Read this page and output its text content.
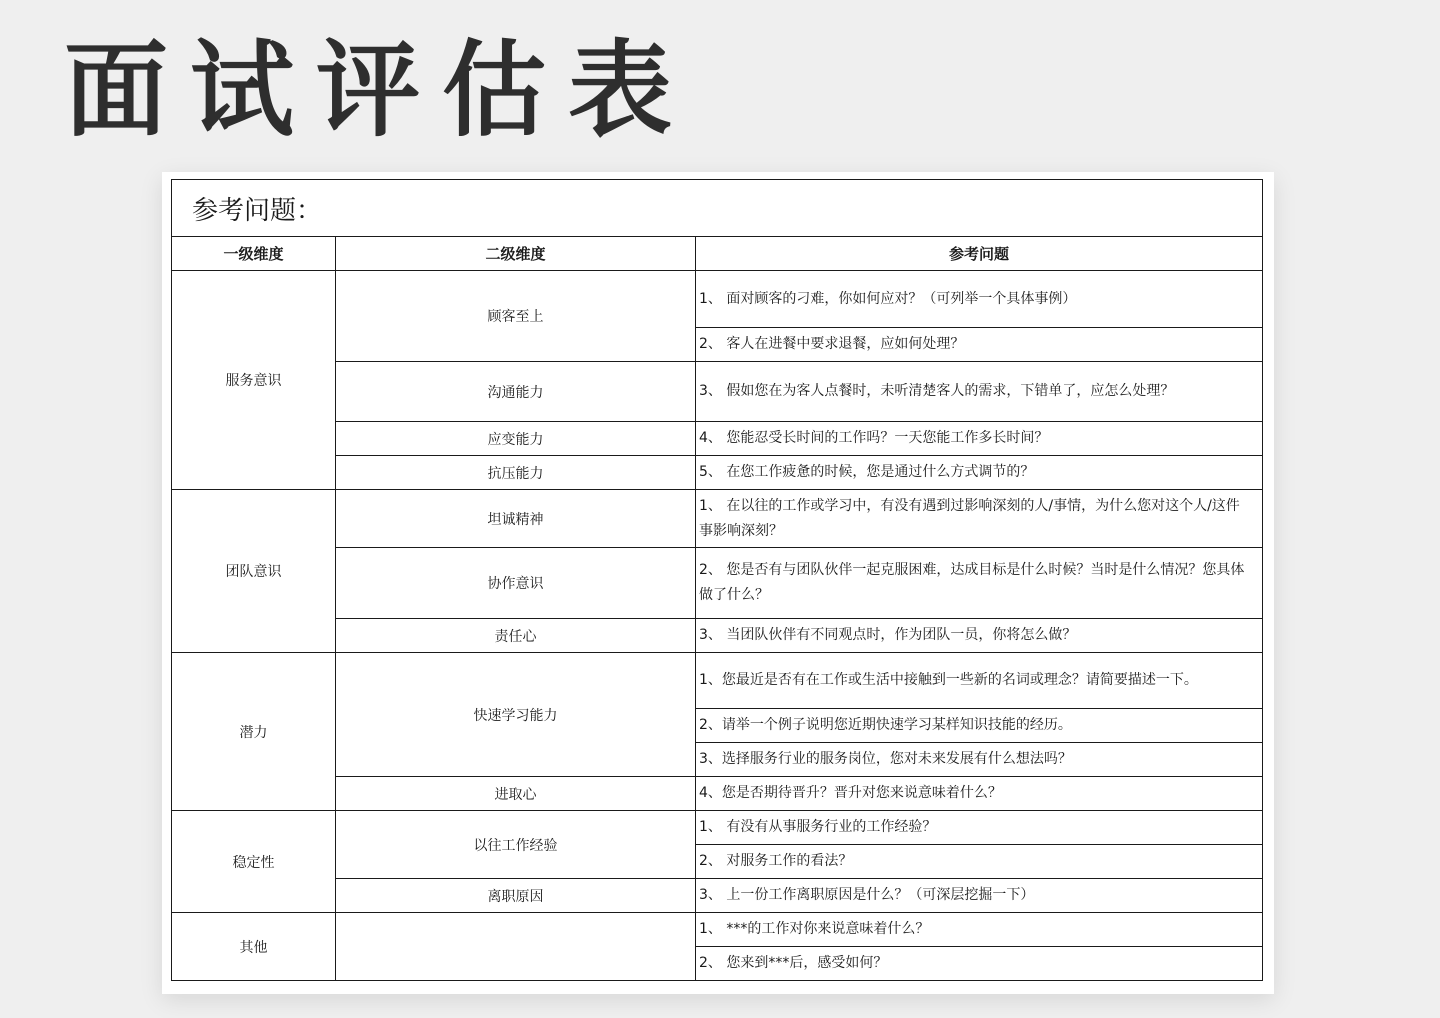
面试评估表
参考问题：		
一级维度	二级维度	参考问题
服务意识	顾客至上	1、 面对顾客的刁难，你如何应对？（可列举一个具体事例）
		2、 客人在进餐中要求退餐，应如何处理？
	沟通能力	3、 假如您在为客人点餐时，未听清楚客人的需求，下错单了，应怎么处理？
	应变能力	4、 您能忍受长时间的工作吗？一天您能工作多长时间？
	抗压能力	5、 在您工作疲惫的时候，您是通过什么方式调节的？
团队意识	坦诚精神	1、 在以往的工作或学习中，有没有遇到过影响深刻的人/事情，为什么您对这个人/这件事影响深刻？
	协作意识	2、 您是否有与团队伙伴一起克服困难，达成目标是什么时候？当时是什么情况？您具体做了什么？
	责任心	3、 当团队伙伴有不同观点时，作为团队一员，你将怎么做？
潜力	快速学习能力	1、您最近是否有在工作或生活中接触到一些新的名词或理念？请简要描述一下。
		2、请举一个例子说明您近期快速学习某样知识技能的经历。
		3、选择服务行业的服务岗位，您对未来发展有什么想法吗？
	进取心	4、您是否期待晋升？晋升对您来说意味着什么？
稳定性	以往工作经验	1、 有没有从事服务行业的工作经验？
		2、 对服务工作的看法？
	离职原因	3、 上一份工作离职原因是什么？（可深层挖掘一下）
其他		1、 ***的工作对你来说意味着什么？
		2、 您来到***后，感受如何？
